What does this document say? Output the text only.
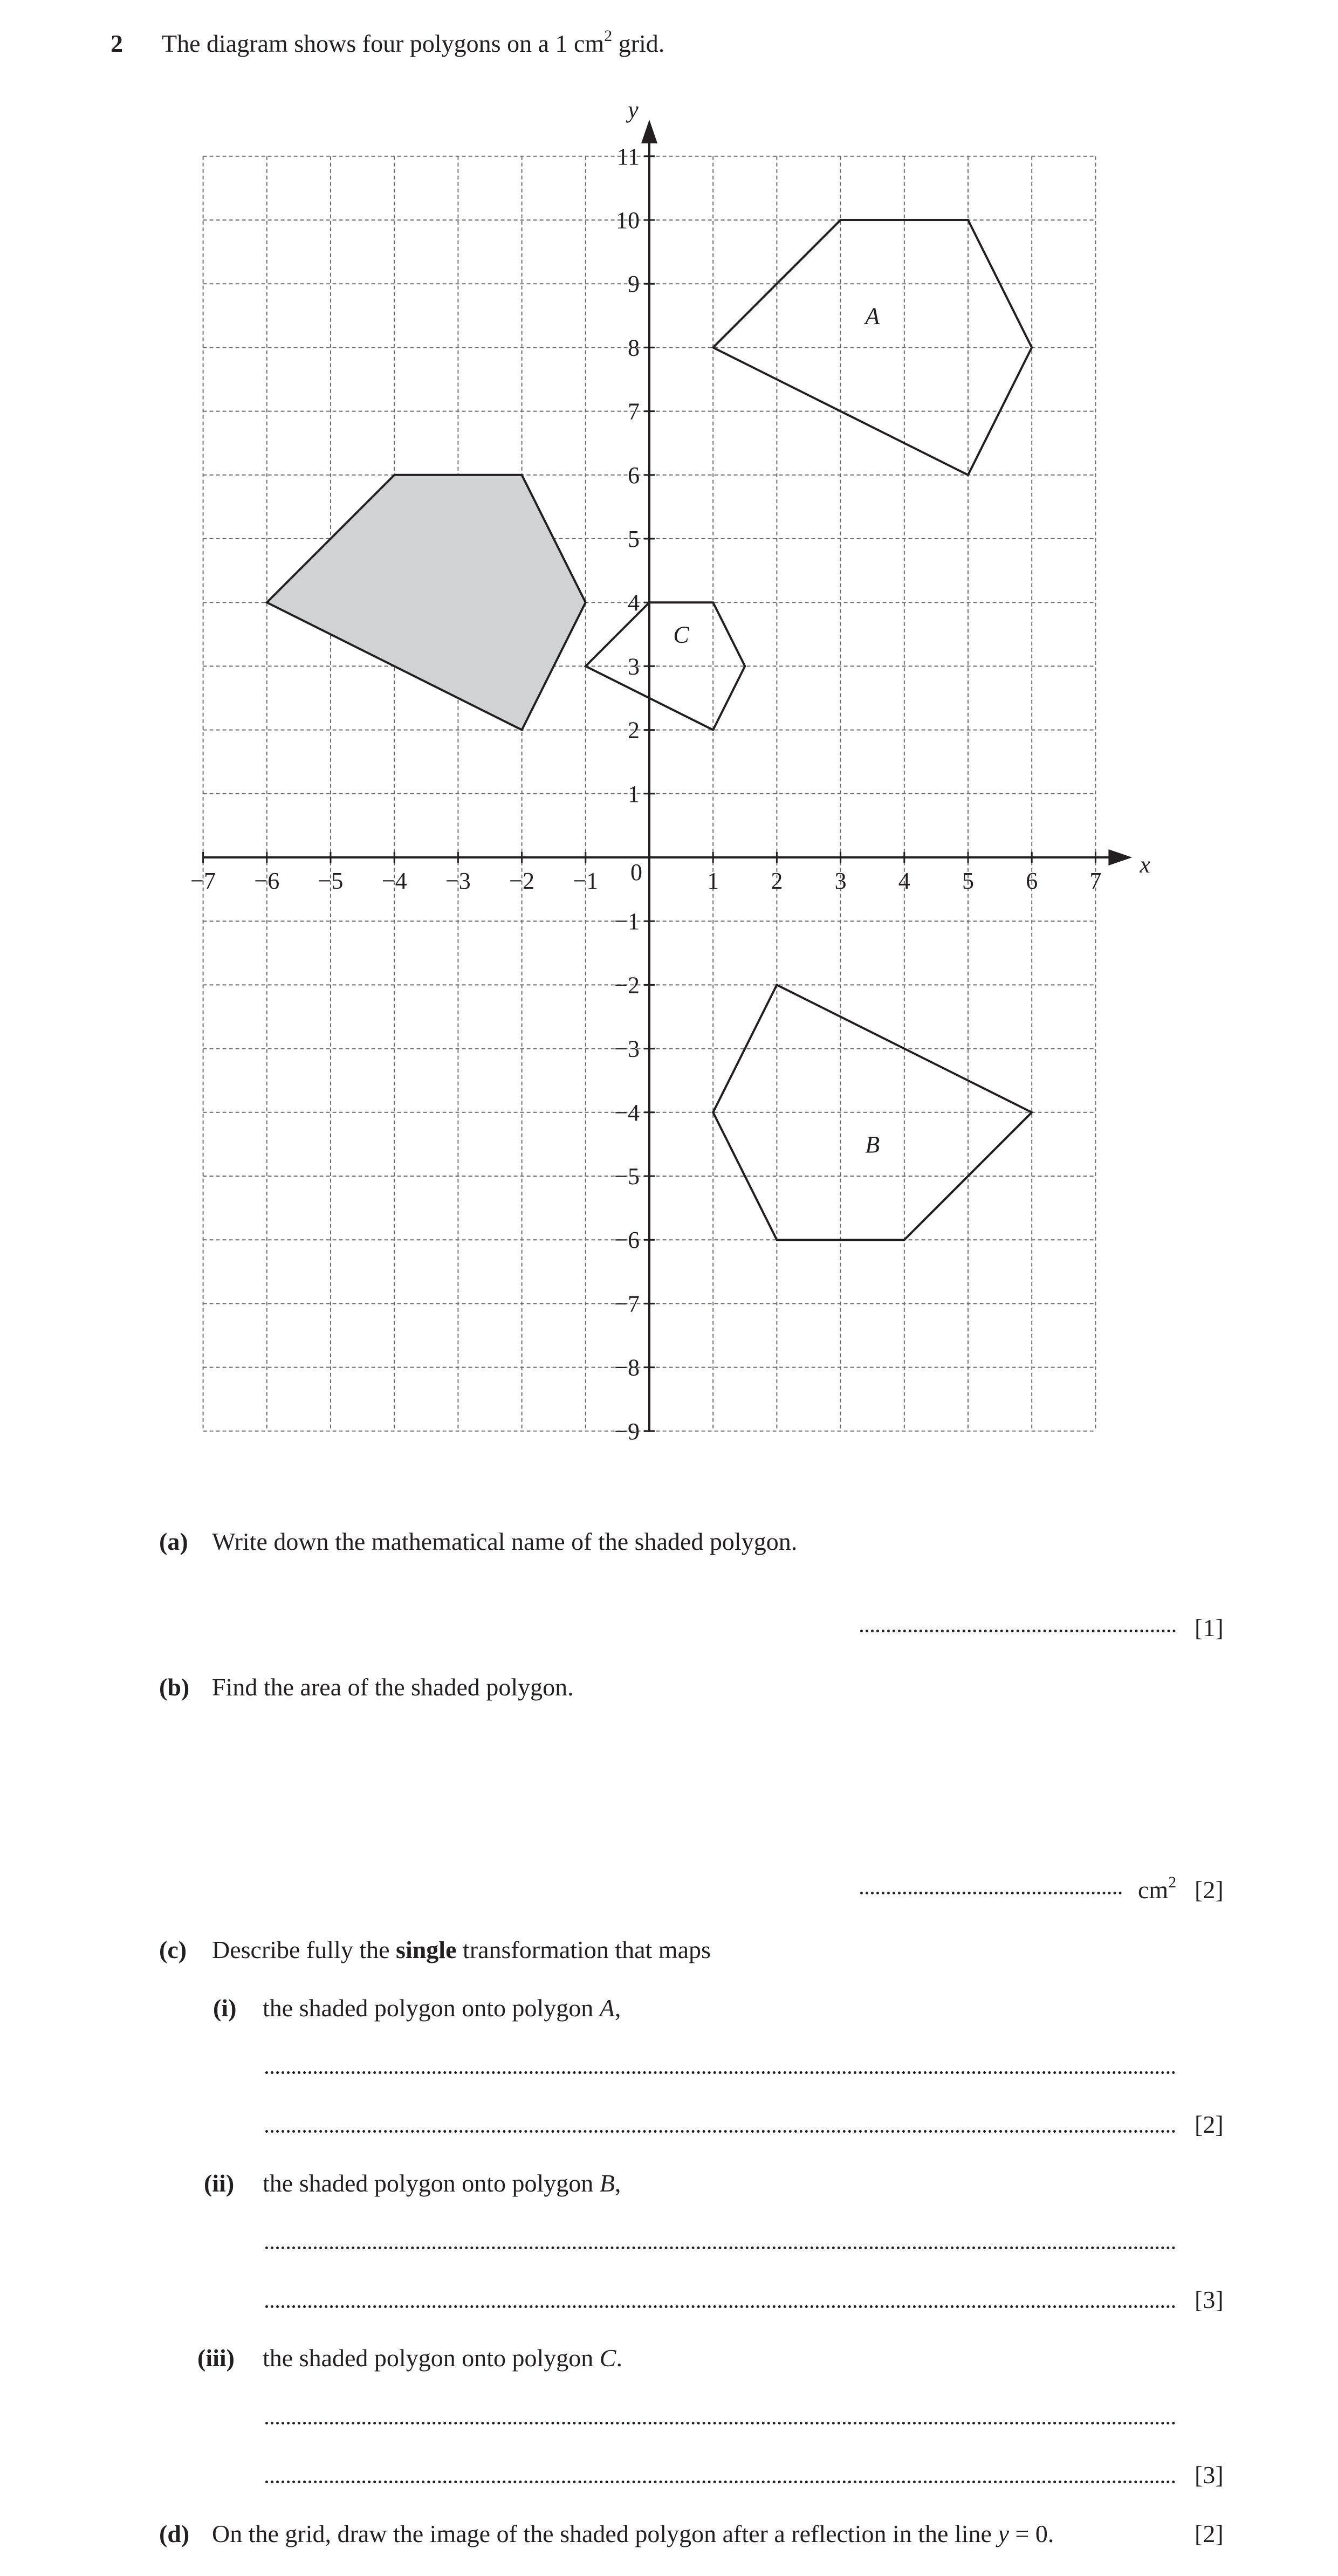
2 The diagram shows four polygons on a 1 $cm^2$ grid.
A
B
C
x
y
0
−7 −6 −5 −4 −3 −2 −1	1 2 3 4 5 6 7
11
10
9
8
7
6
5
4
3
2
1
−1
−2
−3
−4
−5
−6
−7
−8
−9
(a) Write down the mathematical name of the shaded polygon.
[1]
(b) Find the area of the shaded polygon.
$cm^2$ [2]
(c) Describe fully the single transformation that maps
(i) the shaded polygon onto polygon A,
[2]
(ii) the shaded polygon onto polygon B,
[3]
(iii) the shaded polygon onto polygon C.
[3]
(d) On the grid, draw the image of the shaded polygon after a reflection in the line y = 0.	[2]
